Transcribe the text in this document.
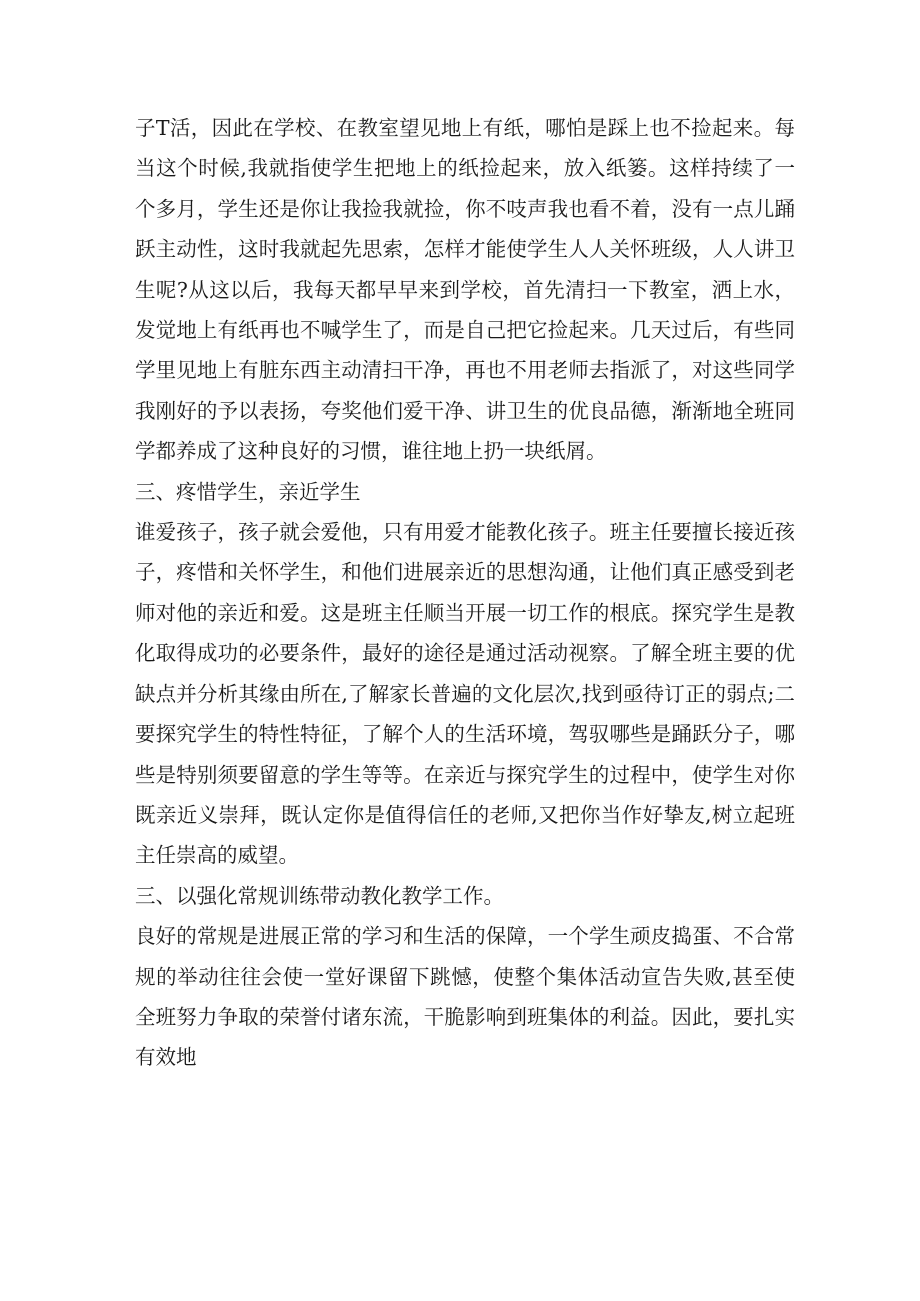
子T活，因此在学校、在教室望见地上有纸，哪怕是踩上也不捡起来。每当这个时候,我就指使学生把地上的纸捡起来，放入纸篓。这样持续了一个多月，学生还是你让我捡我就捡，你不吱声我也看不着，没有一点儿踊跃主动性，这时我就起先思索，怎样才能使学生人人关怀班级，人人讲卫生呢?从这以后，我每天都早早来到学校，首先清扫一下教室，洒上水，发觉地上有纸再也不喊学生了，而是自己把它捡起来。几天过后，有些同学里见地上有脏东西主动清扫干净，再也不用老师去指派了，对这些同学我刚好的予以表扬，夸奖他们爱干净、讲卫生的优良品德，渐渐地全班同学都养成了这种良好的习惯，谁往地上扔一块纸屑。

三、疼惜学生，亲近学生

谁爱孩子，孩子就会爱他，只有用爱才能教化孩子。班主任要擅长接近孩子，疼惜和关怀学生，和他们进展亲近的思想沟通，让他们真正感受到老师对他的亲近和爱。这是班主任顺当开展一切工作的根底。探究学生是教化取得成功的必要条件，最好的途径是通过活动视察。了解全班主要的优缺点并分析其缘由所在,了解家长普遍的文化层次,找到亟待订正的弱点;二要探究学生的特性特征，了解个人的生活环境，驾驭哪些是踊跃分子，哪些是特别须要留意的学生等等。在亲近与探究学生的过程中，使学生对你既亲近义崇拜，既认定你是值得信任的老师,又把你当作好挚友,树立起班主任崇高的威望。

三、以强化常规训练带动教化教学工作。

良好的常规是进展正常的学习和生活的保障，一个学生顽皮捣蛋、不合常规的举动往往会使一堂好课留下跳憾，使整个集体活动宣告失败,甚至使全班努力争取的荣誉付诸东流，干脆影响到班集体的利益。因此，要扎实有效地
